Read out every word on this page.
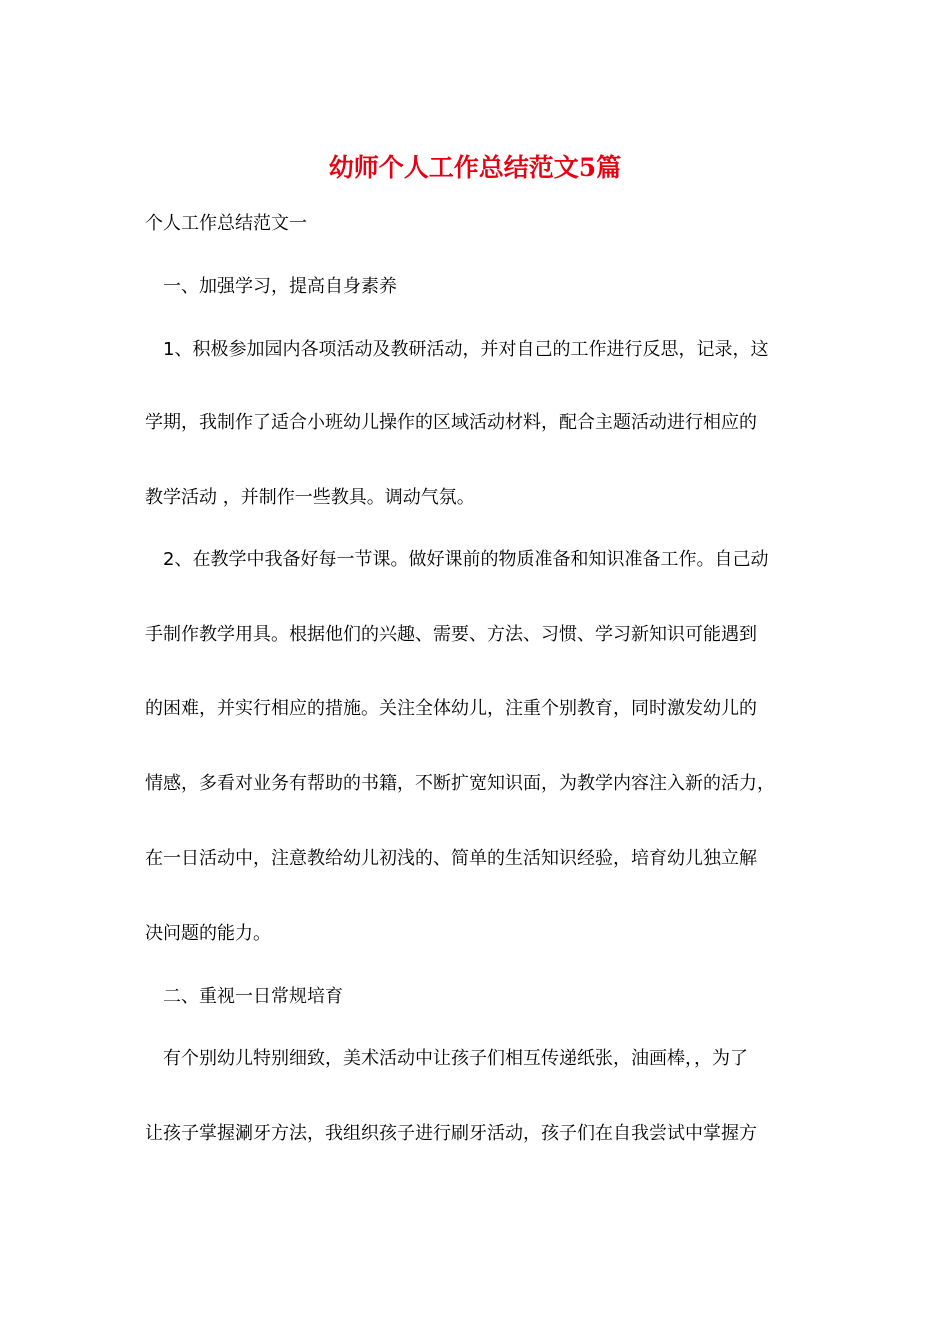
幼师个人工作总结范文5篇

个人工作总结范文一

一、加强学习，提高自身素养

1、积极参加园内各项活动及教研活动，并对自己的工作进行反思，记录，这

学期，我制作了适合小班幼儿操作的区域活动材料，配合主题活动进行相应的

教学活动 ，并制作一些教具。调动气氛。

2、在教学中我备好每一节课。做好课前的物质准备和知识准备工作。自己动

手制作教学用具。根据他们的兴趣、需要、方法、习惯、学习新知识可能遇到

的困难，并实行相应的措施。关注全体幼儿，注重个别教育，同时激发幼儿的

情感，多看对业务有帮助的书籍，不断扩宽知识面，为教学内容注入新的活力，

在一日活动中，注意教给幼儿初浅的、简单的生活知识经验，培育幼儿独立解

决问题的能力。

二、重视一日常规培育

有个别幼儿特别细致，美术活动中让孩子们相互传递纸张，油画棒，，为了

让孩子掌握涮牙方法，我组织孩子进行刷牙活动，孩子们在自我尝试中掌握方
